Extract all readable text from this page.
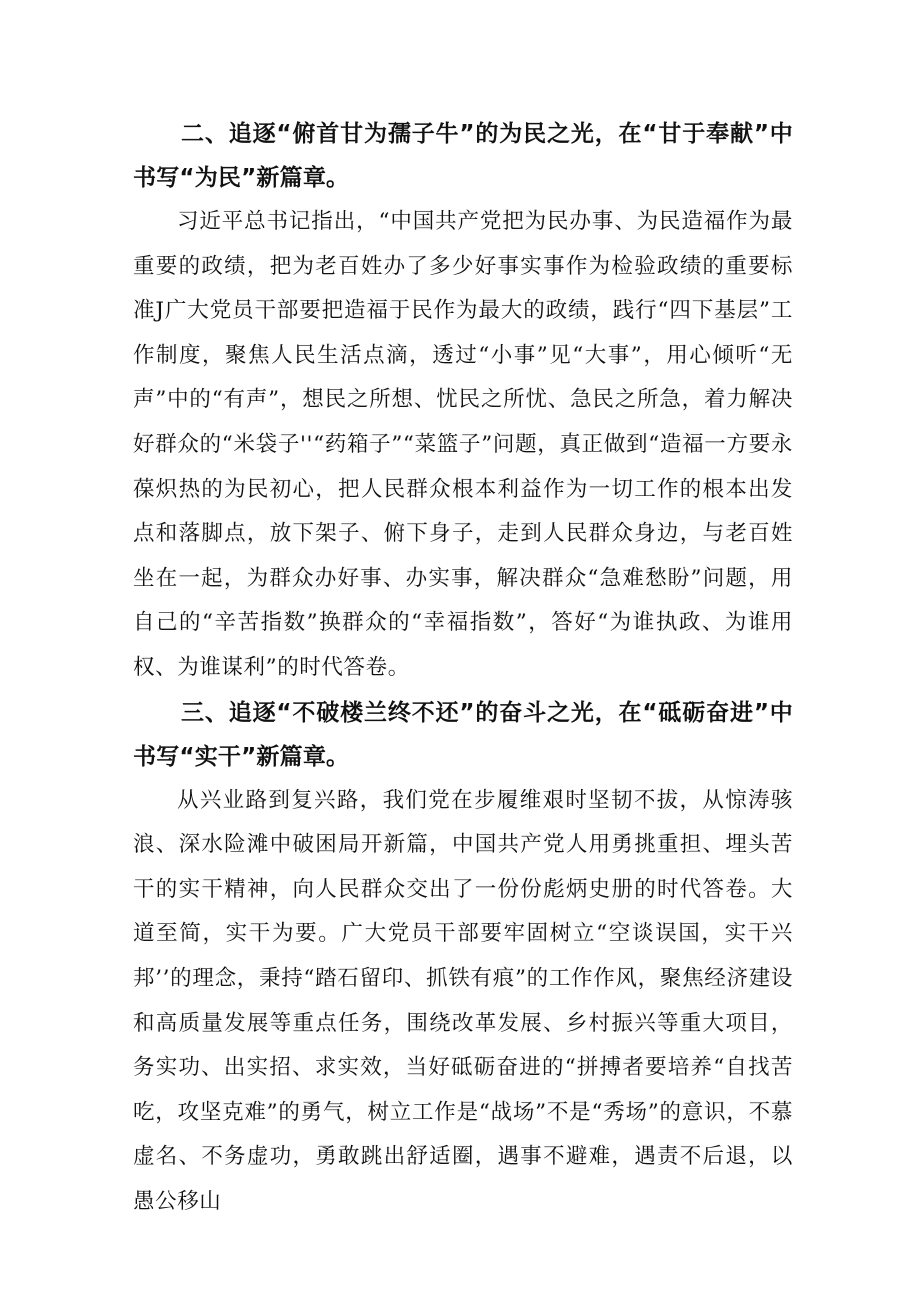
二、追逐“俯首甘为孺子牛”的为民之光，在“甘于奉献”中书写“为民”新篇章。

习近平总书记指出，“中国共产党把为民办事、为民造福作为最重要的政绩，把为老百姓办了多少好事实事作为检验政绩的重要标准J广大党员干部要把造福于民作为最大的政绩，践行“四下基层”工作制度，聚焦人民生活点滴，透过“小事”见“大事”，用心倾听“无声”中的“有声”，想民之所想、忧民之所忧、急民之所急，着力解决好群众的“米袋子''“药箱子”“菜篮子”问题，真正做到“造福一方要永葆炽热的为民初心，把人民群众根本利益作为一切工作的根本出发点和落脚点，放下架子、俯下身子，走到人民群众身边，与老百姓坐在一起，为群众办好事、办实事，解决群众“急难愁盼”问题，用自己的“辛苦指数”换群众的“幸福指数”，答好“为谁执政、为谁用权、为谁谋利”的时代答卷。

三、追逐“不破楼兰终不还”的奋斗之光，在“砥砺奋进”中书写“实干”新篇章。

从兴业路到复兴路，我们党在步履维艰时坚韧不拔，从惊涛骇浪、深水险滩中破困局开新篇，中国共产党人用勇挑重担、埋头苦干的实干精神，向人民群众交出了一份份彪炳史册的时代答卷。大道至简，实干为要。广大党员干部要牢固树立“空谈误国，实干兴邦’’的理念，秉持“踏石留印、抓铁有痕”的工作作风，聚焦经济建设和高质量发展等重点任务，围绕改革发展、乡村振兴等重大项目，务实功、出实招、求实效，当好砥砺奋进的“拼搏者要培养“自找苦吃，攻坚克难”的勇气，树立工作是“战场”不是“秀场”的意识，不慕虚名、不务虚功，勇敢跳出舒适圈，遇事不避难，遇责不后退，以愚公移山
